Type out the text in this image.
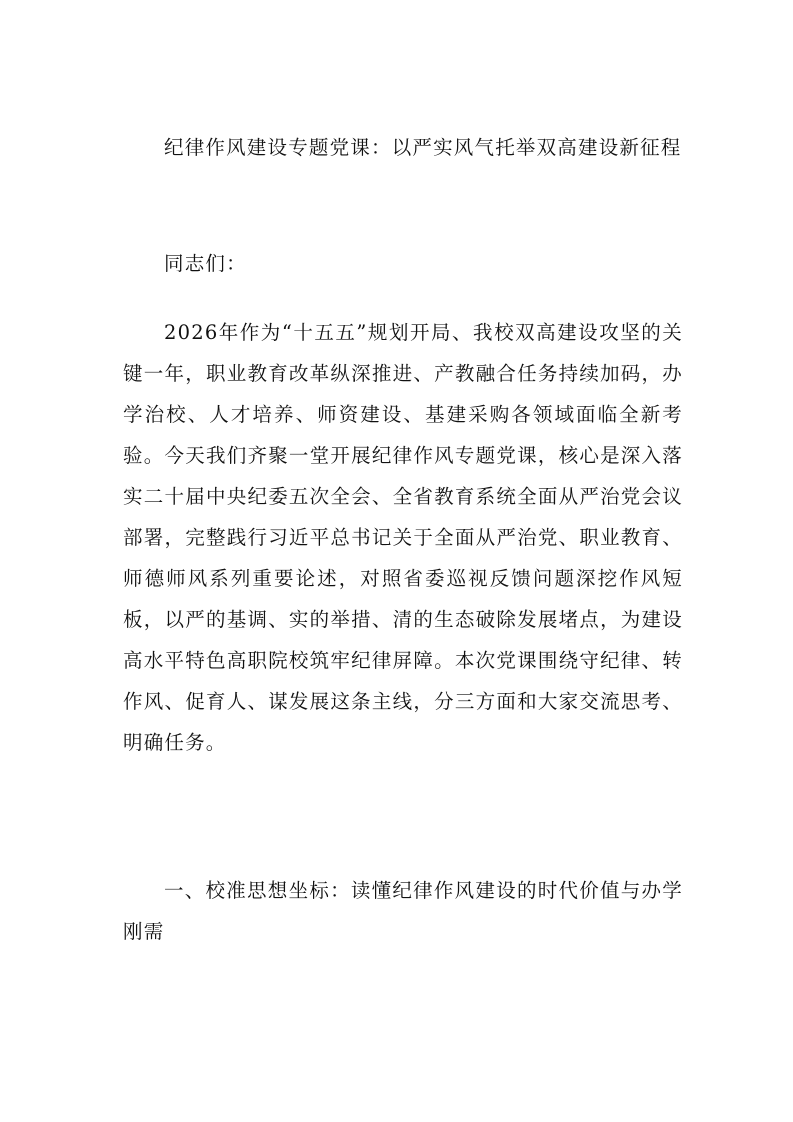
纪律作风建设专题党课：以严实风气托举双高建设新征程

同志们：

2026年作为“十五五”规划开局、我校双高建设攻坚的关键一年，职业教育改革纵深推进、产教融合任务持续加码，办学治校、人才培养、师资建设、基建采购各领域面临全新考验。今天我们齐聚一堂开展纪律作风专题党课，核心是深入落实二十届中央纪委五次全会、全省教育系统全面从严治党会议部署，完整践行习近平总书记关于全面从严治党、职业教育、师德师风系列重要论述，对照省委巡视反馈问题深挖作风短板，以严的基调、实的举措、清的生态破除发展堵点，为建设高水平特色高职院校筑牢纪律屏障。本次党课围绕守纪律、转作风、促育人、谋发展这条主线，分三方面和大家交流思考、明确任务。

一、校准思想坐标：读懂纪律作风建设的时代价值与办学刚需
